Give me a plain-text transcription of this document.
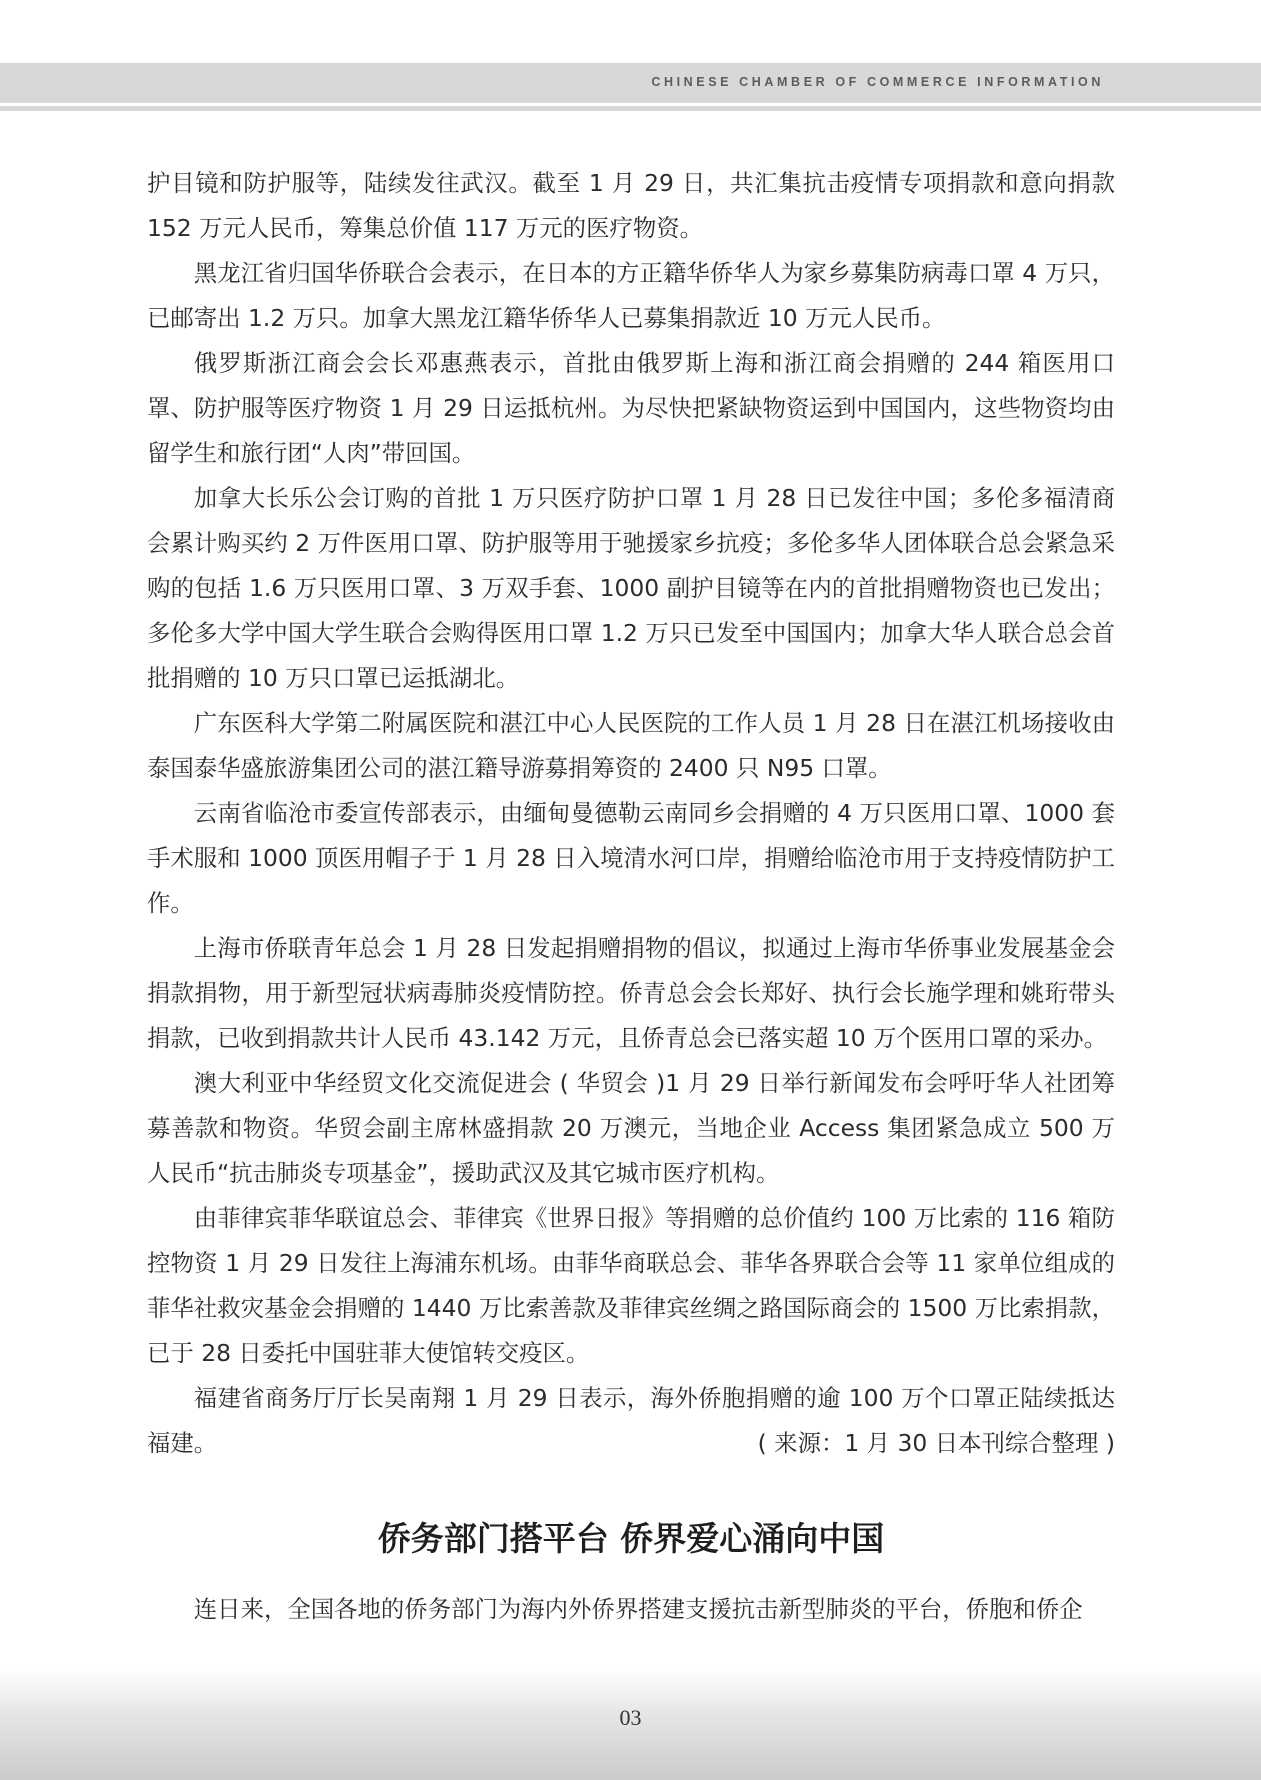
CHINESE CHAMBER OF COMMERCE INFORMATION

护目镜和防护服等，陆续发往武汉。截至 1 月 29 日，共汇集抗击疫情专项捐款和意向捐款 152 万元人民币，筹集总价值 117 万元的医疗物资。

黑龙江省归国华侨联合会表示，在日本的方正籍华侨华人为家乡募集防病毒口罩 4 万只，已邮寄出 1.2 万只。加拿大黑龙江籍华侨华人已募集捐款近 10 万元人民币。

俄罗斯浙江商会会长邓惠燕表示，首批由俄罗斯上海和浙江商会捐赠的 244 箱医用口罩、防护服等医疗物资 1 月 29 日运抵杭州。为尽快把紧缺物资运到中国国内，这些物资均由留学生和旅行团“人肉”带回国。

加拿大长乐公会订购的首批 1 万只医疗防护口罩 1 月 28 日已发往中国；多伦多福清商会累计购买约 2 万件医用口罩、防护服等用于驰援家乡抗疫；多伦多华人团体联合总会紧急采购的包括 1.6 万只医用口罩、3 万双手套、1000 副护目镜等在内的首批捐赠物资也已发出；多伦多大学中国大学生联合会购得医用口罩 1.2 万只已发至中国国内；加拿大华人联合总会首批捐赠的 10 万只口罩已运抵湖北。

广东医科大学第二附属医院和湛江中心人民医院的工作人员 1 月 28 日在湛江机场接收由泰国泰华盛旅游集团公司的湛江籍导游募捐筹资的 2400 只 N95 口罩。

云南省临沧市委宣传部表示，由缅甸曼德勒云南同乡会捐赠的 4 万只医用口罩、1000 套手术服和 1000 顶医用帽子于 1 月 28 日入境清水河口岸，捐赠给临沧市用于支持疫情防护工作。

上海市侨联青年总会 1 月 28 日发起捐赠捐物的倡议，拟通过上海市华侨事业发展基金会捐款捐物，用于新型冠状病毒肺炎疫情防控。侨青总会会长郑好、执行会长施学理和姚珩带头捐款，已收到捐款共计人民币 43.142 万元，且侨青总会已落实超 10 万个医用口罩的采办。

澳大利亚中华经贸文化交流促进会 ( 华贸会 )1 月 29 日举行新闻发布会呼吁华人社团筹募善款和物资。华贸会副主席林盛捐款 20 万澳元，当地企业 Access 集团紧急成立 500 万人民币“抗击肺炎专项基金”，援助武汉及其它城市医疗机构。

由菲律宾菲华联谊总会、菲律宾《世界日报》等捐赠的总价值约 100 万比索的 116 箱防控物资 1 月 29 日发往上海浦东机场。由菲华商联总会、菲华各界联合会等 11 家单位组成的菲华社救灾基金会捐赠的 1440 万比索善款及菲律宾丝绸之路国际商会的 1500 万比索捐款，已于 28 日委托中国驻菲大使馆转交疫区。

福建省商务厅厅长吴南翔 1 月 29 日表示，海外侨胞捐赠的逾 100 万个口罩正陆续抵达福建。	( 来源：1 月 30 日本刊综合整理 )
侨务部门搭平台 侨界爱心涌向中国

连日来，全国各地的侨务部门为海内外侨界搭建支援抗击新型肺炎的平台，侨胞和侨企

03
